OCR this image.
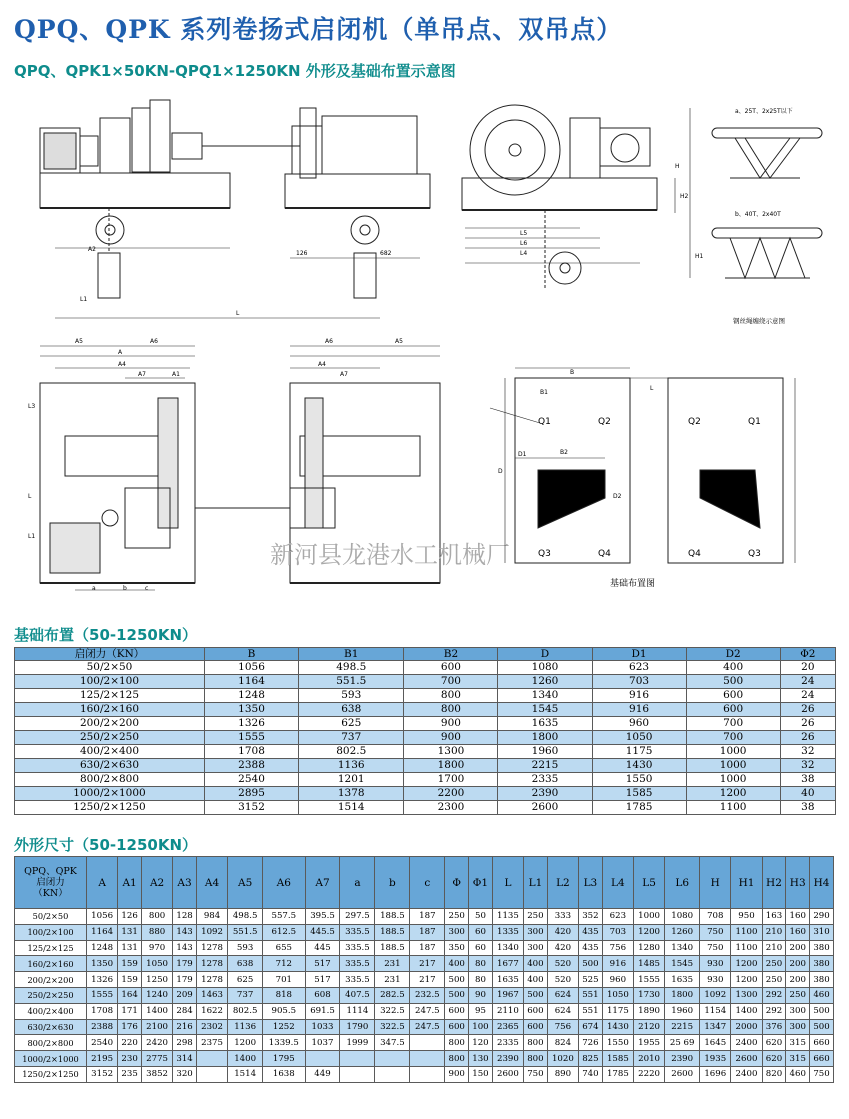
QPQ、QPK 系列卷扬式启闭机（单吊点、双吊点）
QPQ、QPK1×50KN-QPQ1×1250KN 外形及基础布置示意图
A2
L
L1
126	682
L5
L6
L4
H
H2
H1
a、25T、2x25T以下
b、40T、2x40T
钢丝绳缠绕示意图
A5	A6
A
A4
A7	A1
a	b	c
L3
L
L1
A6	A5
A4
A7
新河县龙港水工机械厂
B
B1
B2
L
D
D1
D2
Q1	Q2
Q3	Q4
Q2	Q1
Q4	Q3
基础布置图
基础布置（50-1250KN）
启闭力（KN）	B	B1	B2	D	D1	D2	Φ2
50/2×50	1056	498.5	600	1080	623	400	20
100/2×100	1164	551.5	700	1260	703	500	24
125/2×125	1248	593	800	1340	916	600	24
160/2×160	1350	638	800	1545	916	600	26
200/2×200	1326	625	900	1635	960	700	26
250/2×250	1555	737	900	1800	1050	700	26
400/2×400	1708	802.5	1300	1960	1175	1000	32
630/2×630	2388	1136	1800	2215	1430	1000	32
800/2×800	2540	1201	1700	2335	1550	1000	38
1000/2×1000	2895	1378	2200	2390	1585	1200	40
1250/2×1250	3152	1514	2300	2600	1785	1100	38
外形尺寸（50-1250KN）
QPQ、QPK
启闭力
（KN）	A	A1	A2	A3	A4	A5	A6	A7	a	b	c	Φ	Φ1	L	L1	L2	L3	L4	L5	L6	H	H1	H2	H3	H4
50/2×50	1056	126	800	128	984	498.5	557.5	395.5	297.5	188.5	187	250	50	1135	250	333	352	623	1000	1080	708	950	163	160	290
100/2×100	1164	131	880	143	1092	551.5	612.5	445.5	335.5	188.5	187	300	60	1335	300	420	435	703	1200	1260	750	1100	210	160	310
125/2×125	1248	131	970	143	1278	593	655	445	335.5	188.5	187	350	60	1340	300	420	435	756	1280	1340	750	1100	210	200	380
160/2×160	1350	159	1050	179	1278	638	712	517	335.5	231	217	400	80	1677	400	520	500	916	1485	1545	930	1200	250	200	380
200/2×200	1326	159	1250	179	1278	625	701	517	335.5	231	217	500	80	1635	400	520	525	960	1555	1635	930	1200	250	200	380
250/2×250	1555	164	1240	209	1463	737	818	608	407.5	282.5	232.5	500	90	1967	500	624	551	1050	1730	1800	1092	1300	292	250	460
400/2×400	1708	171	1400	284	1622	802.5	905.5	691.5	1114	322.5	247.5	600	95	2110	600	624	551	1175	1890	1960	1154	1400	292	300	500
630/2×630	2388	176	2100	216	2302	1136	1252	1033	1790	322.5	247.5	600	100	2365	600	756	674	1430	2120	2215	1347	2000	376	300	500
800/2×800	2540	220	2420	298	2375	1200	1339.5	1037	1999	347.5		800	120	2335	800	824	726	1550	1955	25 69	1645	2400	620	315	660
1000/2×1000	2195	230	2775	314		1400	1795					800	130	2390	800	1020	825	1585	2010	2390	1935	2600	620	315	660
1250/2×1250	3152	235	3852	320		1514	1638	449				900	150	2600	750	890	740	1785	2220	2600	1696	2400	820	460	750
